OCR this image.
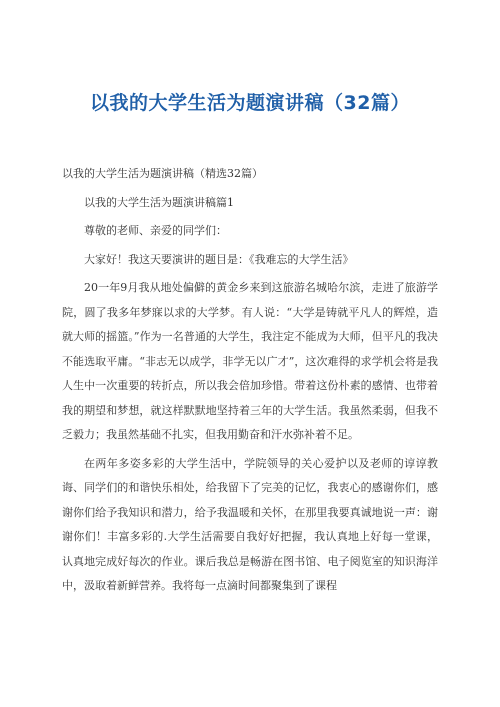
以我的大学生活为题演讲稿（32篇）
以我的大学生活为题演讲稿（精选32篇）
以我的大学生活为题演讲稿篇1
尊敬的老师、亲爱的同学们：
大家好！我这天要演讲的题目是：《我难忘的大学生活》
20一年9月我从地处偏僻的黄金乡来到这旅游名城哈尔滨，走进了旅游学院，圆了我多年梦寐以求的大学梦。有人说：“大学是铸就平凡人的辉煌，造就大师的摇篮。”作为一名普通的大学生，我注定不能成为大师，但平凡的我决不能选取平庸。“非志无以成学，非学无以广才”，这次难得的求学机会将是我人生中一次重要的转折点，所以我会倍加珍惜。带着这份朴素的感情、也带着我的期望和梦想，就这样默默地坚持着三年的大学生活。我虽然柔弱，但我不乏毅力；我虽然基础不扎实，但我用勤奋和汗水弥补着不足。
在两年多姿多彩的大学生活中，学院领导的关心爱护以及老师的谆谆教诲、同学们的和谐快乐相处，给我留下了完美的记忆，我衷心的感谢你们，感谢你们给予我知识和潜力，给予我温暖和关怀，在那里我要真诚地说一声：谢谢你们！丰富多彩的.大学生活需要自我好好把握，我认真地上好每一堂课，认真地完成好每次的作业。课后我总是畅游在图书馆、电子阅览室的知识海洋中，汲取着新鲜营养。我将每一点滴时间都聚集到了课程
